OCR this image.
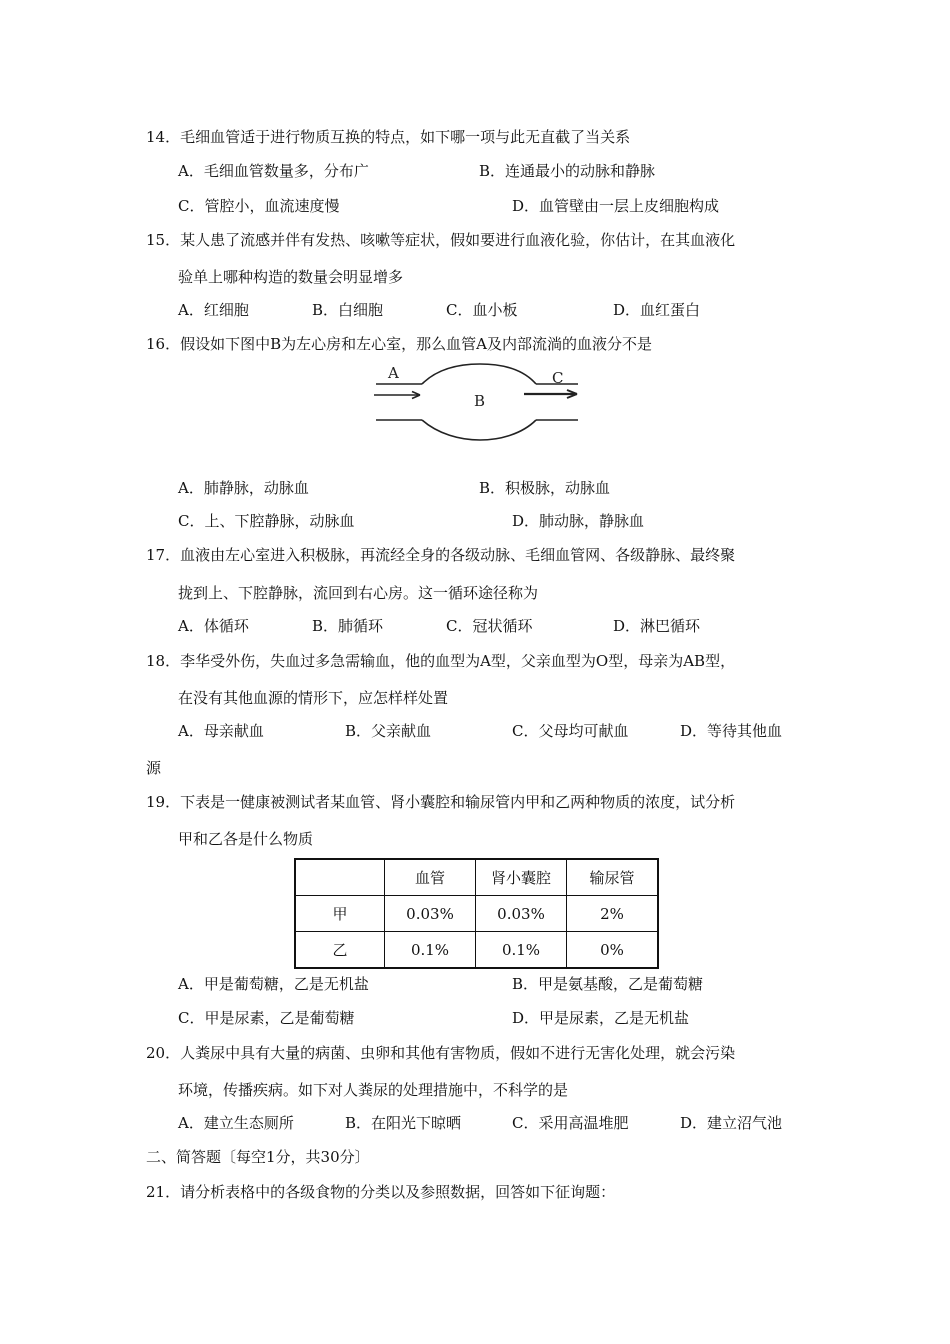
14．毛细血管适于进行物质互换的特点，如下哪一项与此无直截了当关系
A．毛细血管数量多，分布广	B．连通最小的动脉和静脉
C．管腔小，血流速度慢	D．血管壁由一层上皮细胞构成
15．某人患了流感并伴有发热、咳嗽等症状，假如要进行血液化验，你估计，在其血液化
验单上哪种构造的数量会明显增多
A．红细胞	B．白细胞	C．血小板	D．血红蛋白
16．假设如下图中B为左心房和左心室，那么血管A及内部流淌的血液分不是
A
B
C
A．肺静脉，动脉血	B．积极脉，动脉血
C．上、下腔静脉，动脉血	D．肺动脉，静脉血
17．血液由左心室进入积极脉，再流经全身的各级动脉、毛细血管网、各级静脉、最终聚
拢到上、下腔静脉，流回到右心房。这一循环途径称为
A．体循环	B．肺循环	C．冠状循环	D．淋巴循环
18．李华受外伤，失血过多急需输血，他的血型为A型，父亲血型为O型，母亲为AB型，
在没有其他血源的情形下，应怎样样处置
A．母亲献血	B．父亲献血	C．父母均可献血	D．等待其他血
源
19．下表是一健康被测试者某血管、肾小囊腔和输尿管内甲和乙两种物质的浓度，试分析
甲和乙各是什么物质
	血管	肾小囊腔	输尿管
甲	0.03%	0.03%	2%
乙	0.1%	0.1%	0%
A．甲是葡萄糖，乙是无机盐	B．甲是氨基酸，乙是葡萄糖
C．甲是尿素，乙是葡萄糖	D．甲是尿素，乙是无机盐
20．人粪尿中具有大量的病菌、虫卵和其他有害物质，假如不进行无害化处理，就会污染
环境，传播疾病。如下对人粪尿的处理措施中，不科学的是
A．建立生态厕所	B．在阳光下晾晒	C．采用高温堆肥	D．建立沼气池
二、简答题〔每空1分，共30分〕
21．请分析表格中的各级食物的分类以及参照数据，回答如下征询题：
